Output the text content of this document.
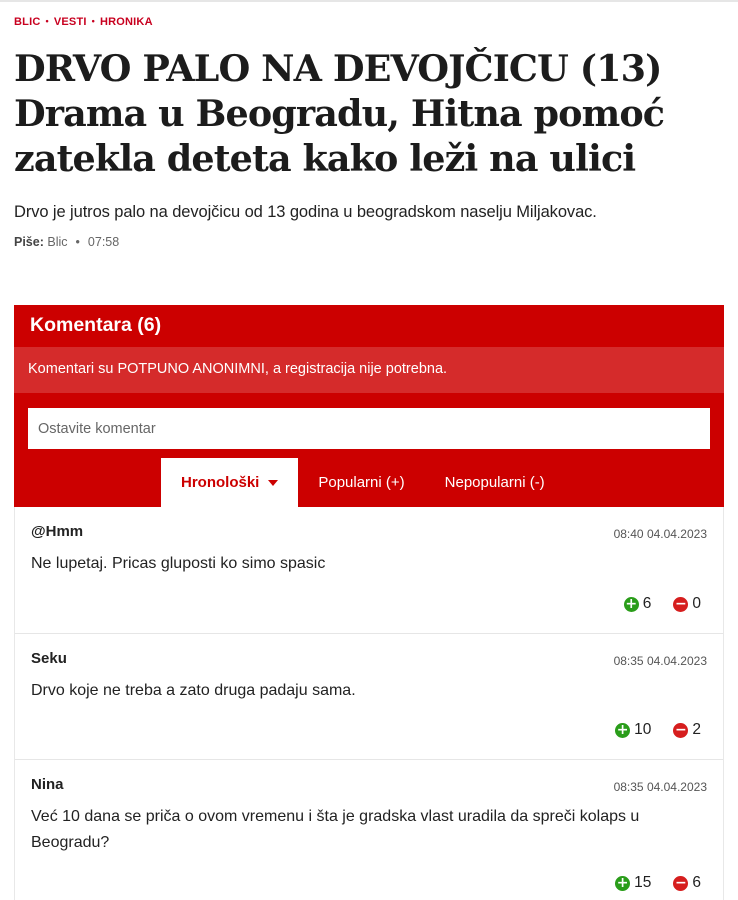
BLIC • VESTI • HRONIKA
DRVO PALO NA DEVOJČICU (13) Drama u Beogradu, Hitna pomoć zatekla deteta kako leži na ulici
Drvo je jutros palo na devojčicu od 13 godina u beogradskom naselju Miljakovac.
Piše: Blic • 07:58
Komentara (6)
Komentari su POTPUNO ANONIMNI, a registracija nije potrebna.
Ostavite komentar
Hronološki	Popularni (+)	Nepopularni (-)
@Hmm	08:40 04.04.2023
Ne lupetaj. Pricas gluposti ko simo spasic
+ 6 − 0
Seku	08:35 04.04.2023
Drvo koje ne treba a zato druga padaju sama.
+ 10 − 2
Nina	08:35 04.04.2023
Već 10 dana se priča o ovom vremenu i šta je gradska vlast uradila da spreči kolaps u Beogradu?
+ 15 − 6
